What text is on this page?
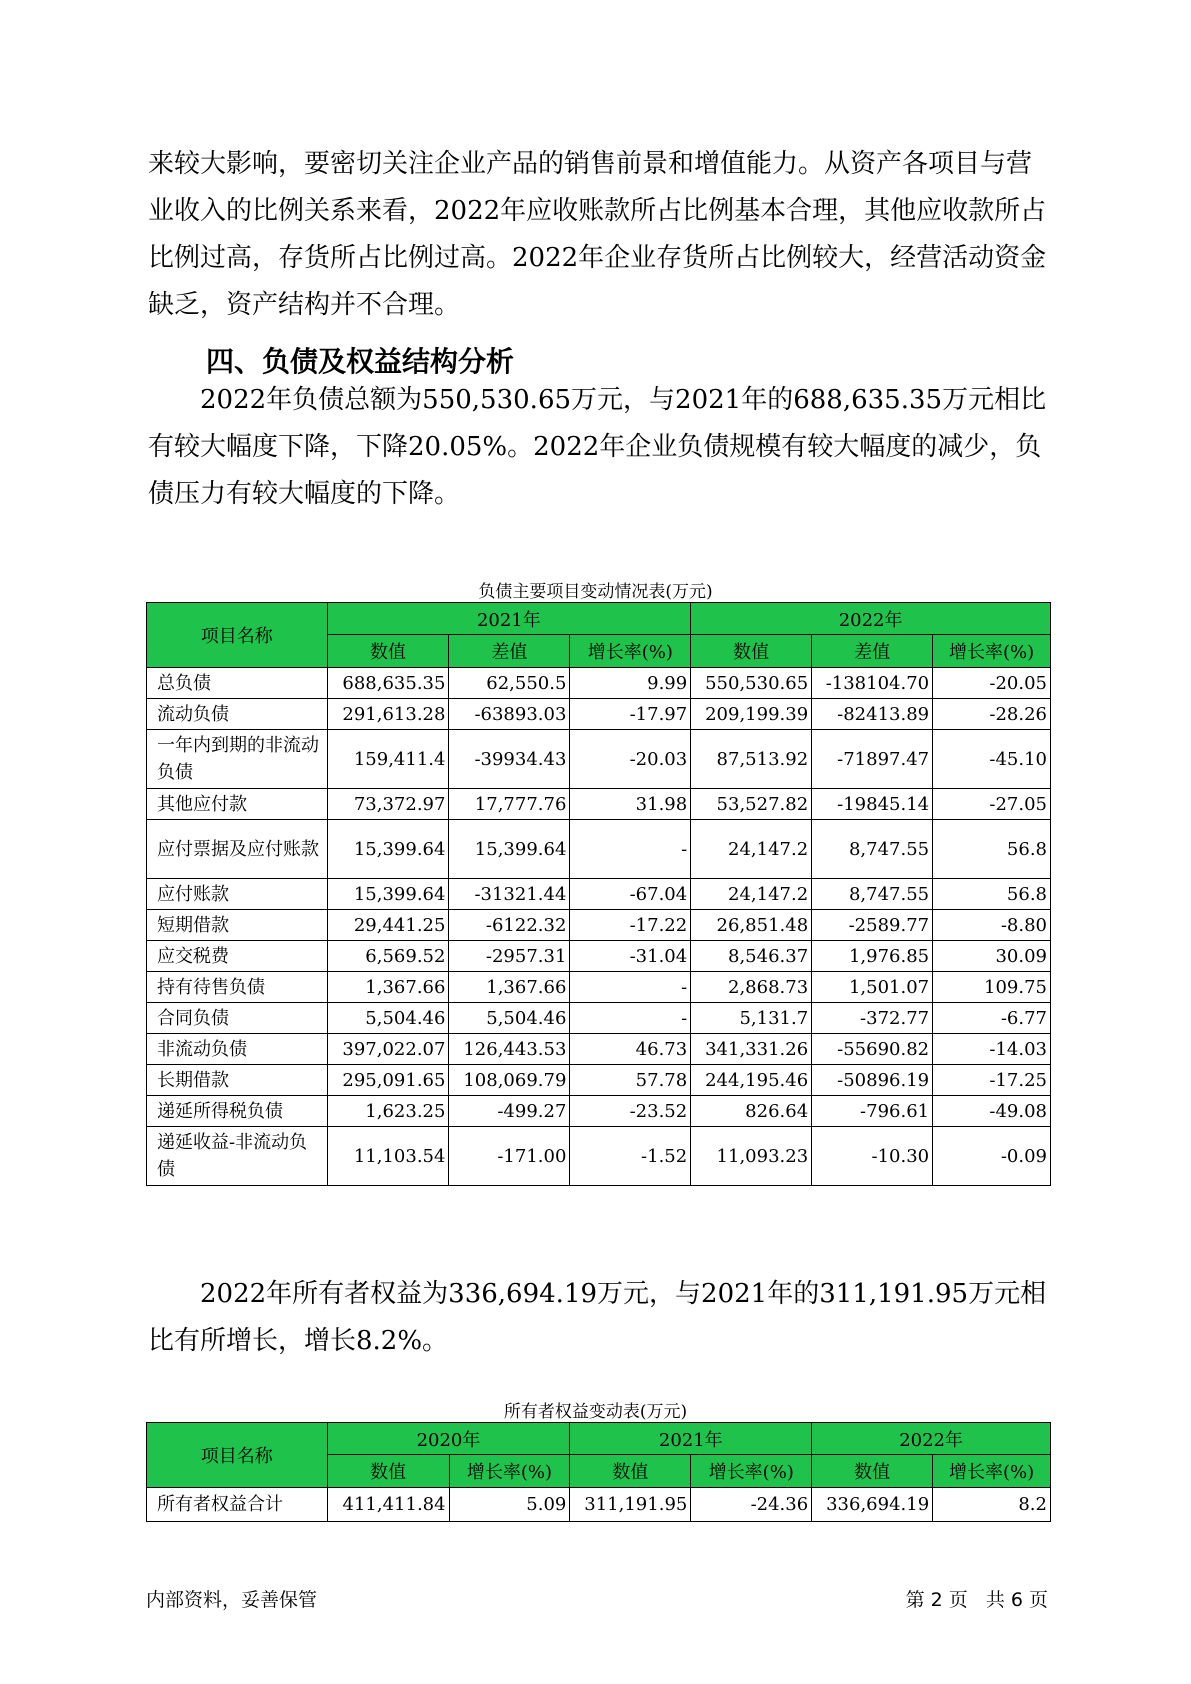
来较大影响，要密切关注企业产品的销售前景和增值能力。从资产各项目与营业收入的比例关系来看，2022年应收账款所占比例基本合理，其他应收款所占比例过高，存货所占比例过高。2022年企业存货所占比例较大，经营活动资金缺乏，资产结构并不合理。

四、负债及权益结构分析

2022年负债总额为550,530.65万元，与2021年的688,635.35万元相比有较大幅度下降，下降20.05%。2022年企业负债规模有较大幅度的减少，负债压力有较大幅度的下降。

负债主要项目变动情况表(万元)
项目名称	2021年			2022年		
	数值	差值	增长率(%)	数值	差值	增长率(%)
总负债	688,635.35	62,550.5	9.99	550,530.65	-138104.70	-20.05
流动负债	291,613.28	-63893.03	-17.97	209,199.39	-82413.89	-28.26
一年内到期的非流动负债	159,411.4	-39934.43	-20.03	87,513.92	-71897.47	-45.10
其他应付款	73,372.97	17,777.76	31.98	53,527.82	-19845.14	-27.05
应付票据及应付账款	15,399.64	15,399.64	-	24,147.2	8,747.55	56.8
应付账款	15,399.64	-31321.44	-67.04	24,147.2	8,747.55	56.8
短期借款	29,441.25	-6122.32	-17.22	26,851.48	-2589.77	-8.80
应交税费	6,569.52	-2957.31	-31.04	8,546.37	1,976.85	30.09
持有待售负债	1,367.66	1,367.66	-	2,868.73	1,501.07	109.75
合同负债	5,504.46	5,504.46	-	5,131.7	-372.77	-6.77
非流动负债	397,022.07	126,443.53	46.73	341,331.26	-55690.82	-14.03
长期借款	295,091.65	108,069.79	57.78	244,195.46	-50896.19	-17.25
递延所得税负债	1,623.25	-499.27	-23.52	826.64	-796.61	-49.08
递延收益-非流动负债	11,103.54	-171.00	-1.52	11,093.23	-10.30	-0.09

2022年所有者权益为336,694.19万元，与2021年的311,191.95万元相比有所增长，增长8.2%。

所有者权益变动表(万元)
项目名称	2020年		2021年		2022年	
	数值	增长率(%)	数值	增长率(%)	数值	增长率(%)
所有者权益合计	411,411.84	5.09	311,191.95	-24.36	336,694.19	8.2
内部资料，妥善保管	第 2 页 共 6 页
